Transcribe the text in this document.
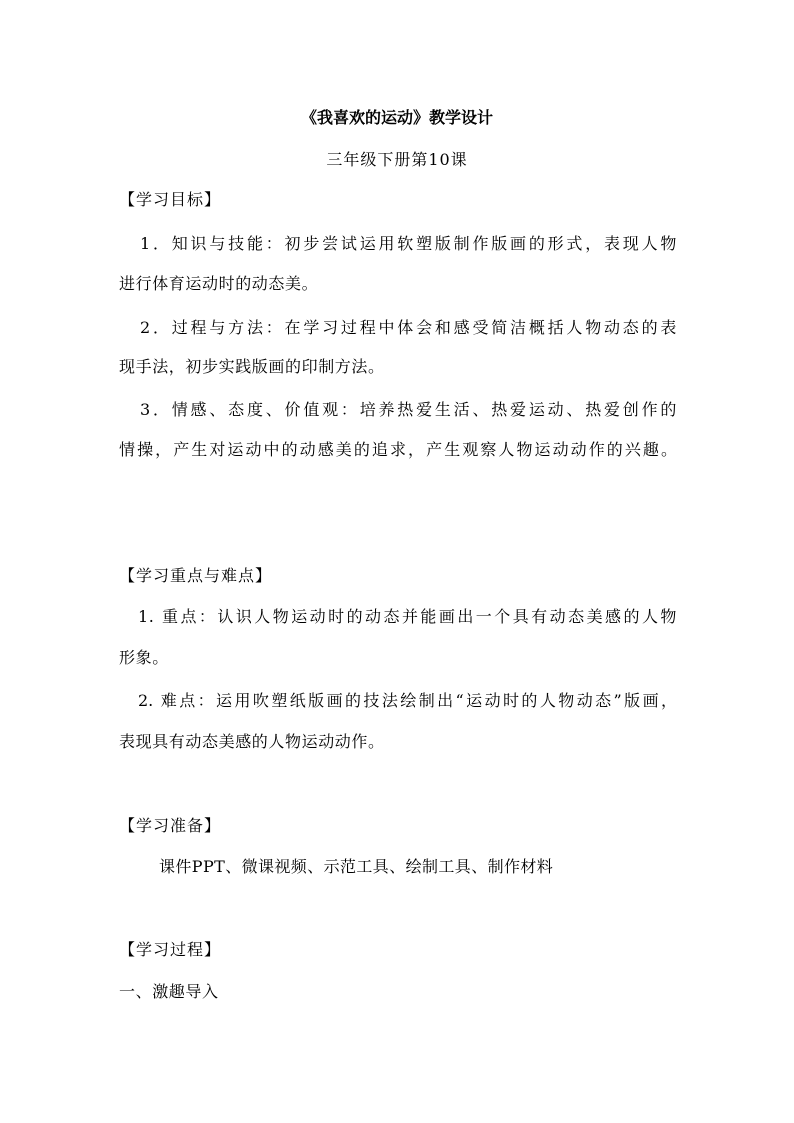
《我喜欢的运动》教学设计
三年级下册第10课
【学习目标】
1．知识与技能：初步尝试运用软塑版制作版画的形式，表现人物
进行体育运动时的动态美。
2．过程与方法：在学习过程中体会和感受简洁概括人物动态的表
现手法，初步实践版画的印制方法。
3．情感、态度、价值观：培养热爱生活、热爱运动、热爱创作的
情操，产生对运动中的动感美的追求，产生观察人物运动动作的兴趣。
【学习重点与难点】
1. 重点：认识人物运动时的动态并能画出一个具有动态美感的人物
形象。
2. 难点：运用吹塑纸版画的技法绘制出“运动时的人物动态”版画，
表现具有动态美感的人物运动动作。
【学习准备】
课件PPT、微课视频、示范工具、绘制工具、制作材料
【学习过程】
一、激趣导入
